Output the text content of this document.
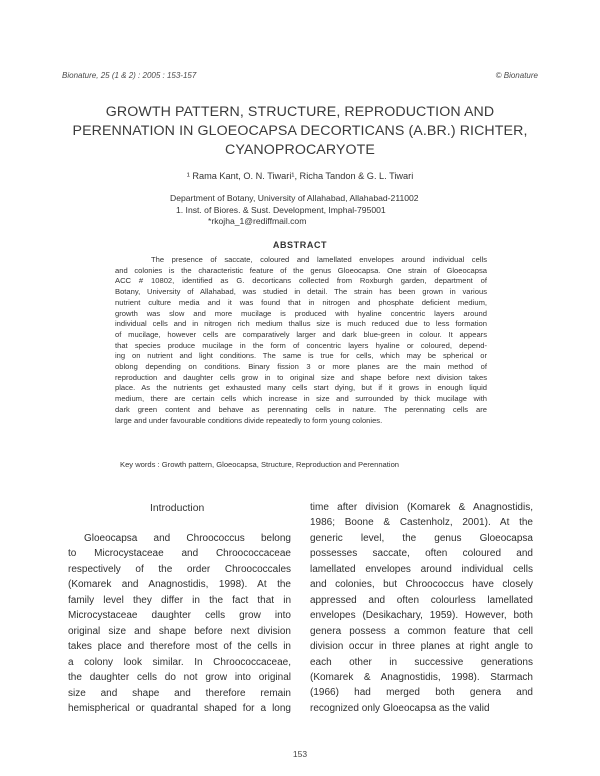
Bionature, 25 (1 & 2) : 2005 : 153-157	© Bionature
GROWTH PATTERN, STRUCTURE, REPRODUCTION AND
PERENNATION IN GLOEOCAPSA DECORTICANS (A.BR.) RICHTER,
CYANOPROCARYOTE
¹ Rama Kant, O. N. Tiwari¹, Richa Tandon & G. L. Tiwari
Department of Botany, University of Allahabad, Allahabad-211002
1. Inst. of Biores. & Sust. Development, Imphal-795001
*rkojha_1@rediffmail.com
ABSTRACT
The presence of saccate, coloured and lamellated envelopes around individual cells
and colonies is the characteristic feature of the genus Gloeocapsa. One strain of Gloeocapsa
ACC # 10802, identified as G. decorticans collected from Roxburgh garden, department of
Botany, University of Allahabad, was studied in detail. The strain has been grown in various
nutrient culture media and it was found that in nitrogen and phosphate deficient medium,
growth was slow and more mucilage is produced with hyaline concentric layers around
individual cells and in nitrogen rich medium thallus size is much reduced due to less formation
of mucilage, however cells are comparatively larger and dark blue-green in colour. It appears
that species produce mucilage in the form of concentric layers hyaline or coloured, depend-
ing on nutrient and light conditions. The same is true for cells, which may be spherical or
oblong depending on conditions. Binary fission 3 or more planes are the main method of
reproduction and daughter cells grow in to original size and shape before next division takes
place. As the nutrients get exhausted many cells start dying, but if it grows in enough liquid
medium, there are certain cells which increase in size and surrounded by thick mucilage with
dark green content and behave as perennating cells in nature. The perennating cells are
large and under favourable conditions divide repeatedly to form young colonies.
Key words : Growth pattern, Gloeocapsa, Structure, Reproduction and Perennation
Introduction
Gloeocapsa and Chroococcus belong
to Microcystaceae and Chroococcaceae
respectively of the order Chroococcales
(Komarek and Anagnostidis, 1998). At the
family level they differ in the fact that in
Microcystaceae daughter cells grow into
original size and shape before next division
takes place and therefore most of the cells in
a colony look similar. In Chroococcaceae,
the daughter cells do not grow into original
size and shape and therefore remain
hemispherical or quadrantal shaped for a long
time after division (Komarek & Anagnostidis,
1986; Boone & Castenholz, 2001). At the
generic level, the genus Gloeocapsa
possesses saccate, often coloured and
lamellated envelopes around individual cells
and colonies, but Chroococcus have closely
appressed and often colourless lamellated
envelopes (Desikachary, 1959). However, both
genera possess a common feature that cell
division occur in three planes at right angle to
each other in successive generations
(Komarek & Anagnostidis, 1998). Starmach
(1966) had merged both genera and
recognized only Gloeocapsa as the valid
153
